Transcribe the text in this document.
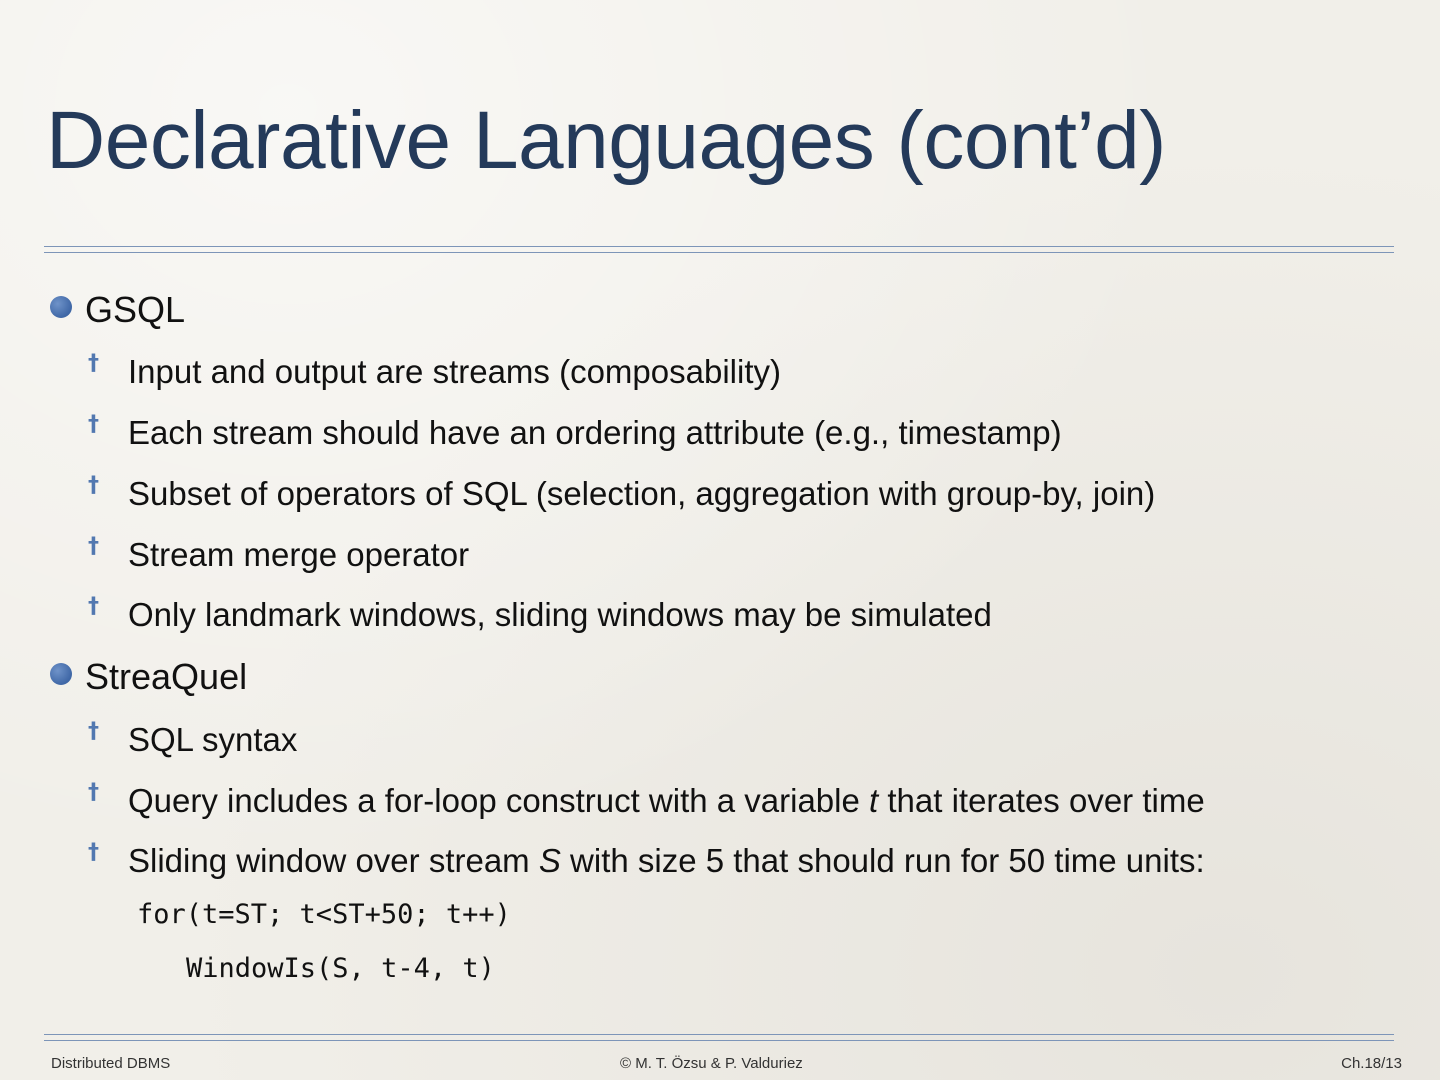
Declarative Languages (cont’d)
GSQL
† Input and output are streams (composability)
† Each stream should have an ordering attribute (e.g., timestamp)
† Subset of operators of SQL (selection, aggregation with group-by, join)
† Stream merge operator
† Only landmark windows, sliding windows may be simulated
StreaQuel
† SQL syntax
† Query includes a for-loop construct with a variable t that iterates over time
† Sliding window over stream S with size 5 that should run for 50 time units:
for(t=ST; t<ST+50; t++)
WindowIs(S, t-4, t)
Distributed DBMS	© M. T. Özsu & P. Valduriez	Ch.18/13
